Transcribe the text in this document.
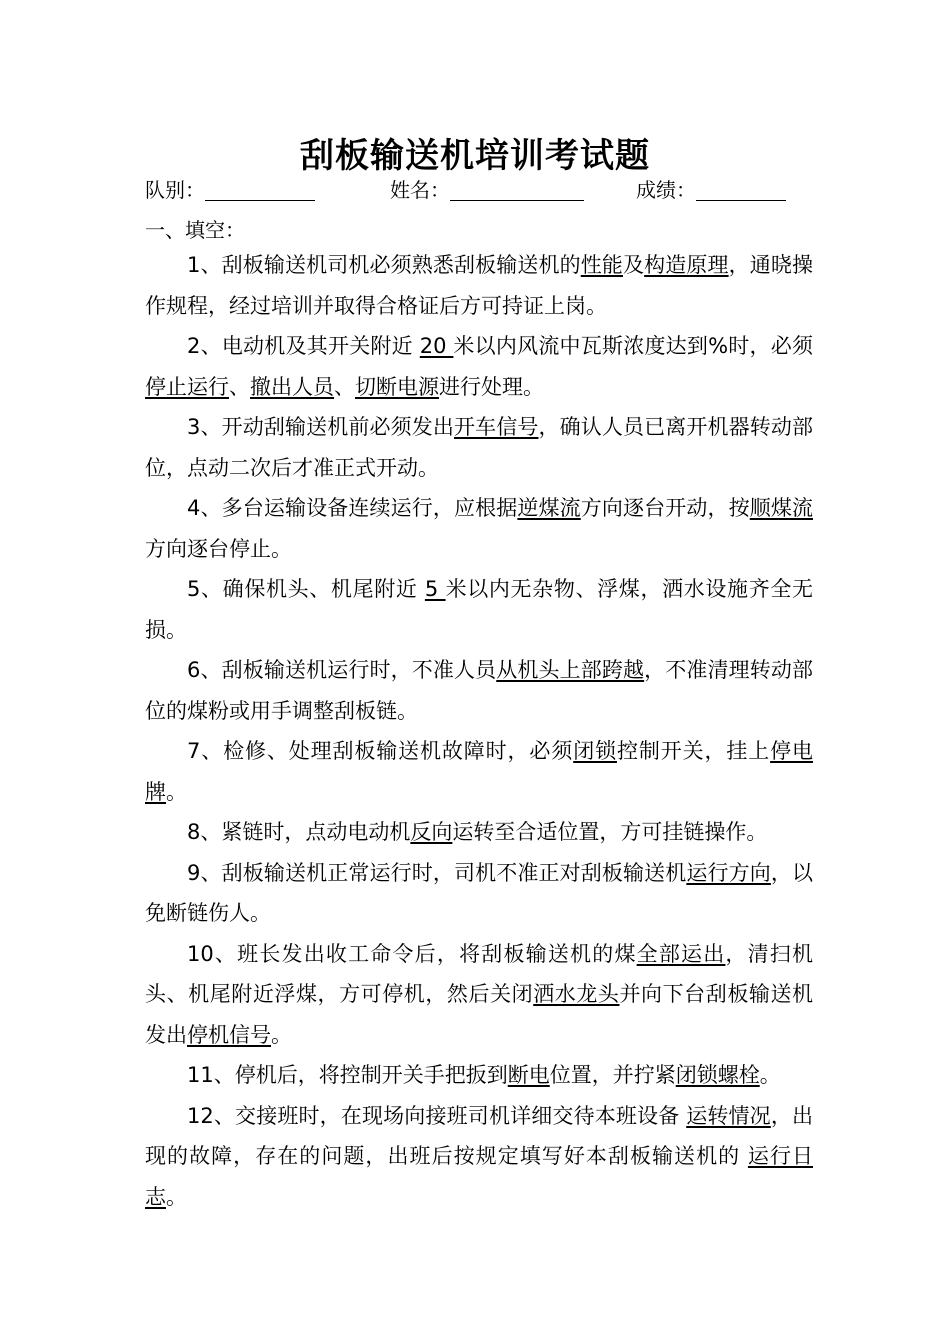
刮板输送机培训考试题
队别：	姓名：	成绩：
一、填空：

1、刮板输送机司机必须熟悉刮板输送机的性能及构造原理，通晓操作规程，经过培训并取得合格证后方可持证上岗。

2、电动机及其开关附近 20 米以内风流中瓦斯浓度达到%时，必须停止运行、撤出人员、切断电源进行处理。

3、开动刮输送机前必须发出开车信号，确认人员已离开机器转动部位，点动二次后才准正式开动。

4、多台运输设备连续运行，应根据逆煤流方向逐台开动，按顺煤流方向逐台停止。

5、确保机头、机尾附近 5 米以内无杂物、浮煤，洒水设施齐全无损。

6、刮板输送机运行时，不准人员从机头上部跨越，不准清理转动部位的煤粉或用手调整刮板链。

7、检修、处理刮板输送机故障时，必须闭锁控制开关，挂上停电牌。

8、紧链时，点动电动机反向运转至合适位置，方可挂链操作。

9、刮板输送机正常运行时，司机不准正对刮板输送机运行方向，以免断链伤人。

10、班长发出收工命令后，将刮板输送机的煤全部运出，清扫机头、机尾附近浮煤，方可停机，然后关闭洒水龙头并向下台刮板输送机发出停机信号。

11、停机后，将控制开关手把扳到断电位置，并拧紧闭锁螺栓。

12、交接班时，在现场向接班司机详细交待本班设备 运转情况，出现的故障，存在的问题，出班后按规定填写好本刮板输送机的 运行日志。
